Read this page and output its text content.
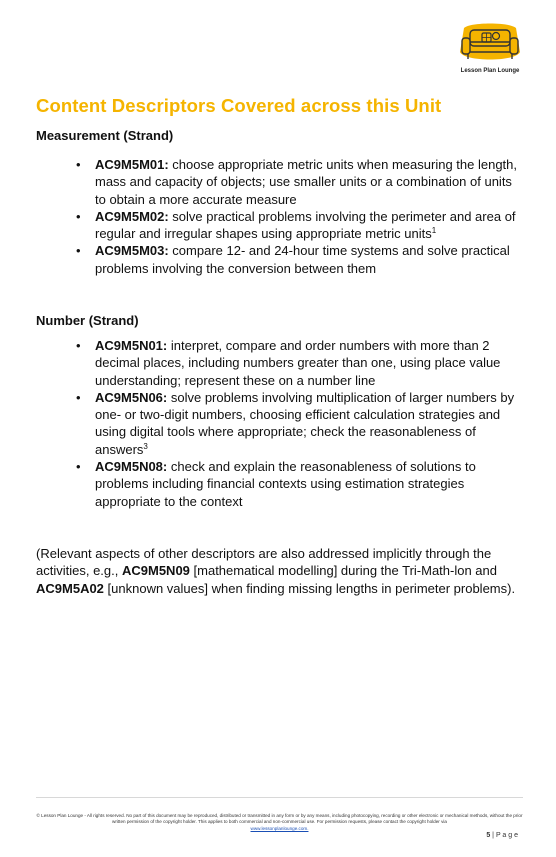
Lesson Plan Lounge
Content Descriptors Covered across this Unit
Measurement (Strand)
• AC9M5M01: choose appropriate metric units when measuring the length, mass and capacity of objects; use smaller units or a combination of units to obtain a more accurate measure
• AC9M5M02: solve practical problems involving the perimeter and area of regular and irregular shapes using appropriate metric units$^1$
• AC9M5M03: compare 12- and 24-hour time systems and solve practical problems involving the conversion between them
Number (Strand)
• AC9M5N01: interpret, compare and order numbers with more than 2 decimal places, including numbers greater than one, using place value understanding; represent these on a number line
• AC9M5N06: solve problems involving multiplication of larger numbers by one- or two-digit numbers, choosing efficient calculation strategies and using digital tools where appropriate; check the reasonableness of answers$^3$
• AC9M5N08: check and explain the reasonableness of solutions to problems including financial contexts using estimation strategies appropriate to the context

(Relevant aspects of other descriptors are also addressed implicitly through the activities, e.g., AC9M5N09 [mathematical modelling] during the Tri-Math-lon and AC9M5A02 [unknown values] when finding missing lengths in perimeter problems).

© Lesson Plan Lounge - All rights reserved. No part of this document may be reproduced, distributed or transmitted in any form or by any means, including photocopying, recording or other electronic or mechanical methods, without the prior written permission of the copyright holder. This applies to both commercial and non-commercial use. For permission requests, please contact the copyright holder via
www.lessonplanlounge.com.
5 | P a g e
